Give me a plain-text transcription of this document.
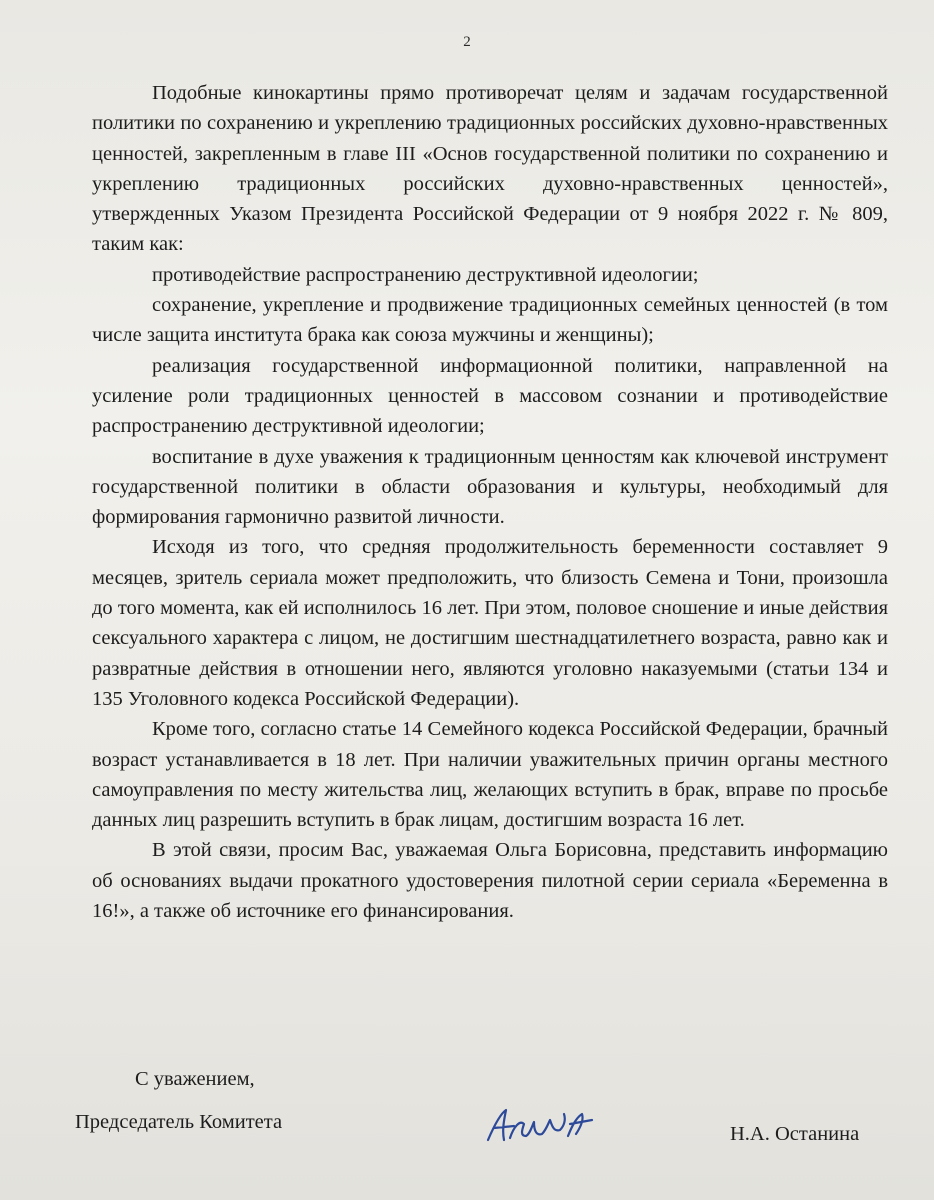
2

Подобные кинокартины прямо противоречат целям и задачам государственной политики по сохранению и укреплению традиционных российских духовно-нравственных ценностей, закрепленным в главе III «Основ государственной политики по сохранению и укреплению традиционных российских духовно-нравственных ценностей», утвержденных Указом Президента Российской Федерации от 9 ноября 2022 г. № 809, таким как:

противодействие распространению деструктивной идеологии;

сохранение, укрепление и продвижение традиционных семейных ценностей (в том числе защита института брака как союза мужчины и женщины);

реализация государственной информационной политики, направленной на усиление роли традиционных ценностей в массовом сознании и противодействие распространению деструктивной идеологии;

воспитание в духе уважения к традиционным ценностям как ключевой инструмент государственной политики в области образования и культуры, необходимый для формирования гармонично развитой личности.

Исходя из того, что средняя продолжительность беременности составляет 9 месяцев, зритель сериала может предположить, что близость Семена и Тони, произошла до того момента, как ей исполнилось 16 лет. При этом, половое сношение и иные действия сексуального характера с лицом, не достигшим шестнадцатилетнего возраста, равно как и развратные действия в отношении него, являются уголовно наказуемыми (статьи 134 и 135 Уголовного кодекса Российской Федерации).

Кроме того, согласно статье 14 Семейного кодекса Российской Федерации, брачный возраст устанавливается в 18 лет. При наличии уважительных причин органы местного самоуправления по месту жительства лиц, желающих вступить в брак, вправе по просьбе данных лиц разрешить вступить в брак лицам, достигшим возраста 16 лет.

В этой связи, просим Вас, уважаемая Ольга Борисовна, представить информацию об основаниях выдачи прокатного удостоверения пилотной серии сериала «Беременна в 16!», а также об источнике его финансирования.

С уважением,
Председатель Комитета
Н.А. Останина
